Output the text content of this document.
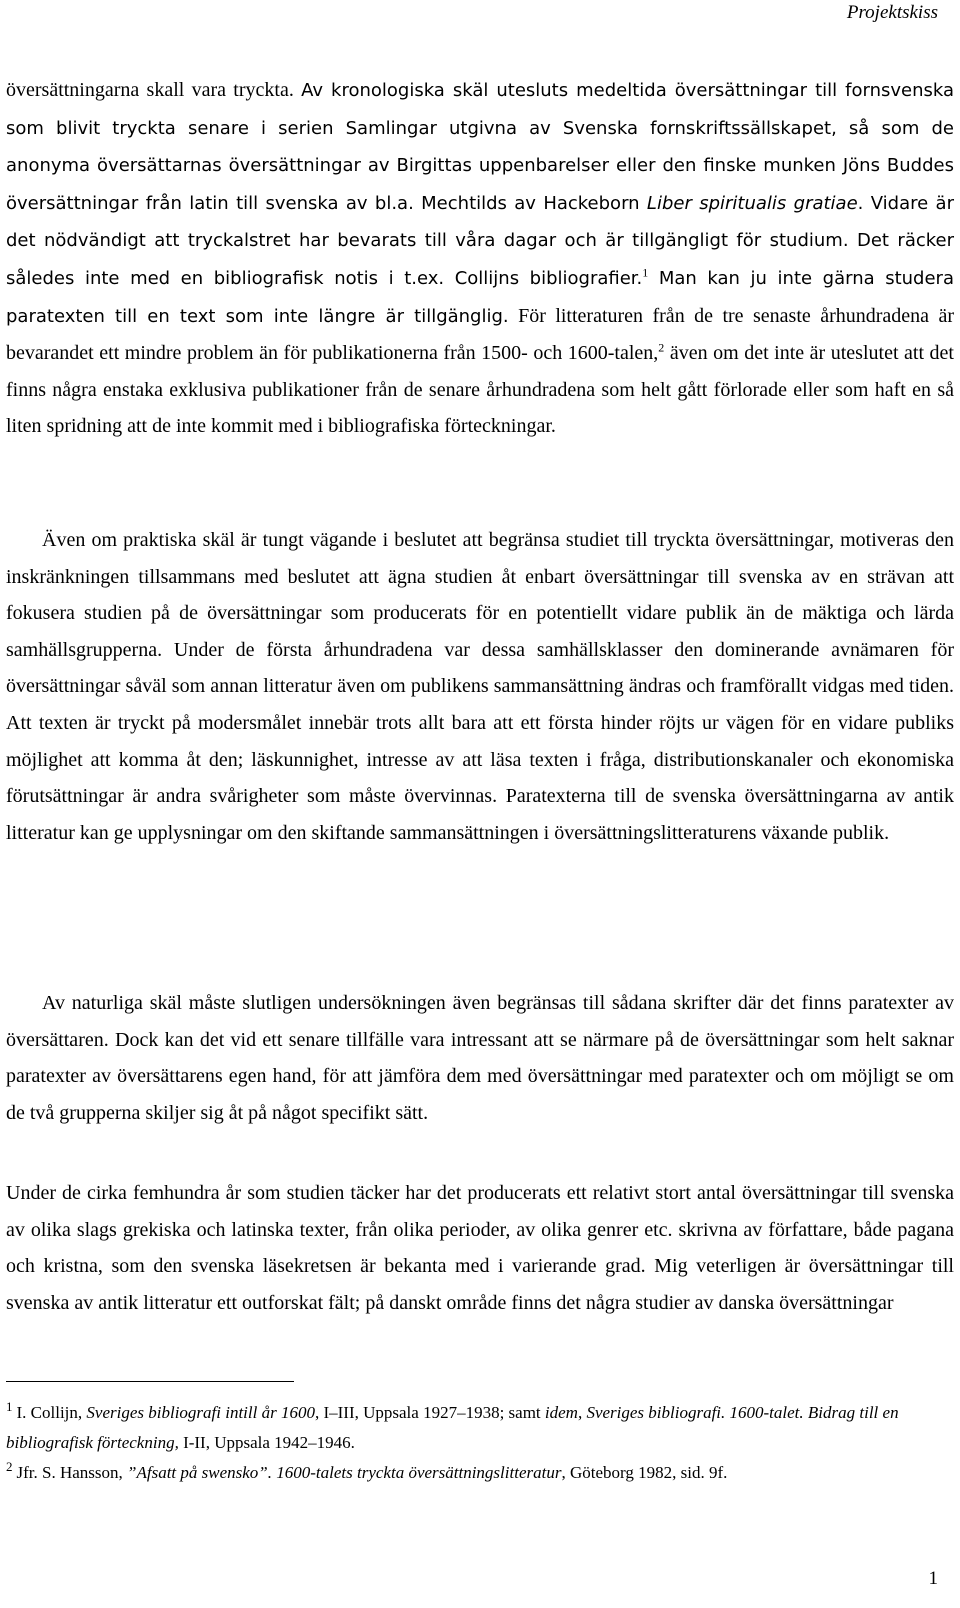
Projektskiss

översättningarna skall vara tryckta. Av kronologiska skäl utesluts medeltida översättningar till fornsvenska som blivit tryckta senare i serien Samlingar utgivna av Svenska fornskriftssällskapet, så som de anonyma översättarnas översättningar av Birgittas uppenbarelser eller den finske munken Jöns Buddes översättningar från latin till svenska av bl.a. Mechtilds av Hackeborn Liber spiritualis gratiae. Vidare är det nödvändigt att tryckalstret har bevarats till våra dagar och är tillgängligt för studium. Det räcker således inte med en bibliografisk notis i t.ex. Collijns bibliografier.$^1$ Man kan ju inte gärna studera paratexten till en text som inte längre är tillgänglig. För litteraturen från de tre senaste århundradena är bevarandet ett mindre problem än för publikationerna från 1500- och 1600-talen,$^2$ även om det inte är uteslutet att det finns några enstaka exklusiva publikationer från de senare århundradena som helt gått förlorade eller som haft en så liten spridning att de inte kommit med i bibliografiska förteckningar.

Även om praktiska skäl är tungt vägande i beslutet att begränsa studiet till tryckta översättningar, motiveras den inskränkningen tillsammans med beslutet att ägna studien åt enbart översättningar till svenska av en strävan att fokusera studien på de översättningar som producerats för en potentiellt vidare publik än de mäktiga och lärda samhällsgrupperna. Under de första århundradena var dessa samhällsklasser den dominerande avnämaren för översättningar såväl som annan litteratur även om publikens sammansättning ändras och framförallt vidgas med tiden. Att texten är tryckt på modersmålet innebär trots allt bara att ett första hinder röjts ur vägen för en vidare publiks möjlighet att komma åt den; läskunnighet, intresse av att läsa texten i fråga, distributionskanaler och ekonomiska förutsättningar är andra svårigheter som måste övervinnas. Paratexterna till de svenska översättningarna av antik litteratur kan ge upplysningar om den skiftande sammansättningen i översättningslitteraturens växande publik.

Av naturliga skäl måste slutligen undersökningen även begränsas till sådana skrifter där det finns paratexter av översättaren. Dock kan det vid ett senare tillfälle vara intressant att se närmare på de översättningar som helt saknar paratexter av översättarens egen hand, för att jämföra dem med översättningar med paratexter och om möjligt se om de två grupperna skiljer sig åt på något specifikt sätt.

Under de cirka femhundra år som studien täcker har det producerats ett relativt stort antal översättningar till svenska av olika slags grekiska och latinska texter, från olika perioder, av olika genrer etc. skrivna av författare, både pagana och kristna, som den svenska läsekretsen är bekanta med i varierande grad. Mig veterligen är översättningar till svenska av antik litteratur ett outforskat fält; på danskt område finns det några studier av danska översättningar

$^1$ I. Collijn, Sveriges bibliografi intill år 1600, I–III, Uppsala 1927–1938; samt idem, Sveriges bibliografi. 1600-talet. Bidrag till en bibliografisk förteckning, I-II, Uppsala 1942–1946.

$^2$ Jfr. S. Hansson, ”Afsatt på swensko”. 1600-talets tryckta översättningslitteratur, Göteborg 1982, sid. 9f.

1
